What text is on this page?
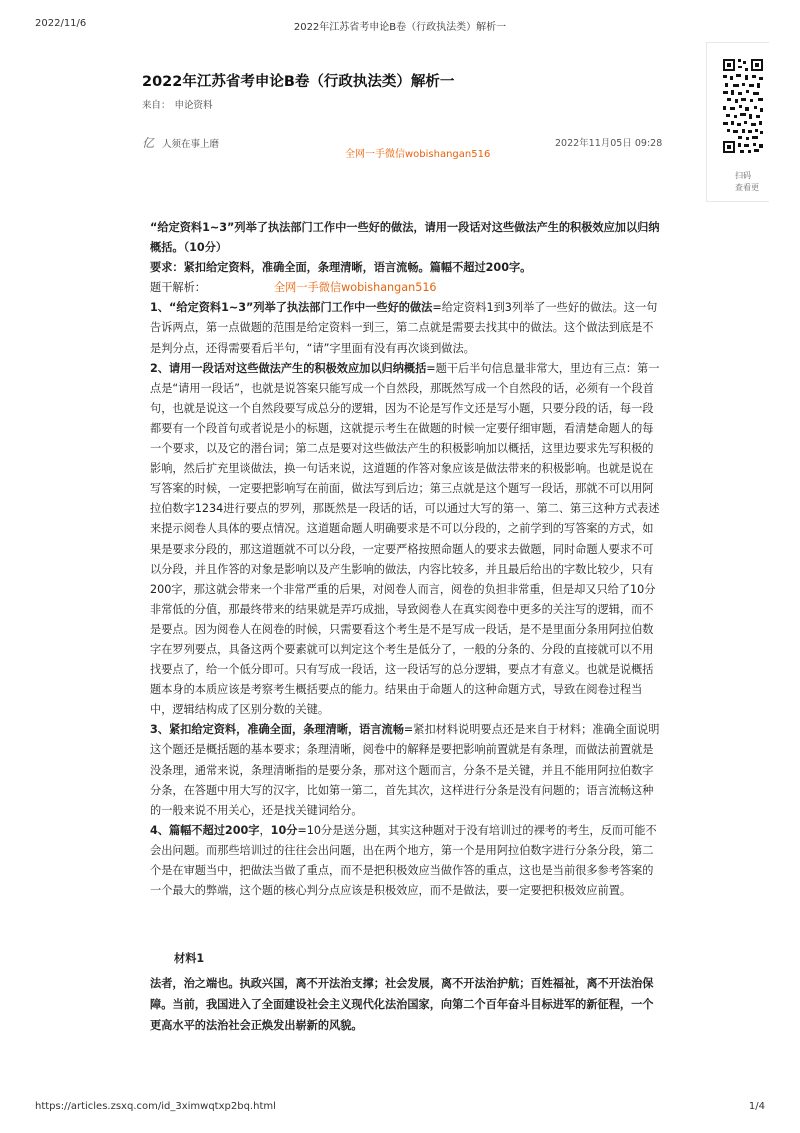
2022/11/6	2022年江苏省考申论B卷（行政执法类）解析一
扫码
查看更
2022年江苏省考申论B卷（行政执法类）解析一
来自： 申论资料
亿 人须在事上磨	2022年11月05日 09:28
全网一手微信wobishangan516

“给定资料1~3”列举了执法部门工作中一些好的做法，请用一段话对这些做法产生的积极效应加以归纳概括。（10分）

要求：紧扣给定资料，准确全面，条理清晰，语言流畅。篇幅不超过200字。

题干解析：	全网一手微信wobishangan516

1、“给定资料1~3”列举了执法部门工作中一些好的做法=给定资料1到3列举了一些好的做法。这一句告诉两点，第一点做题的范围是给定资料一到三，第二点就是需要去找其中的做法。这个做法到底是不是判分点，还得需要看后半句，“请”字里面有没有再次谈到做法。

2、请用一段话对这些做法产生的积极效应加以归纳概括=题干后半句信息量非常大，里边有三点：第一点是“请用一段话”，也就是说答案只能写成一个自然段，那既然写成一个自然段的话，必须有一个段首句，也就是说这一个自然段要写成总分的逻辑，因为不论是写作文还是写小题，只要分段的话，每一段都要有一个段首句或者说是小的标题，这就提示考生在做题的时候一定要仔细审题，看清楚命题人的每一个要求，以及它的潜台词；第二点是要对这些做法产生的积极影响加以概括，这里边要求先写积极的影响，然后扩充里谈做法，换一句话来说，这道题的作答对象应该是做法带来的积极影响。也就是说在写答案的时候，一定要把影响写在前面，做法写到后边；第三点就是这个题写一段话，那就不可以用阿拉伯数字1234进行要点的罗列，那既然是一段话的话，可以通过大写的第一、第二、第三这种方式表述来提示阅卷人具体的要点情况。这道题命题人明确要求是不可以分段的，之前学到的写答案的方式，如果是要求分段的，那这道题就不可以分段，一定要严格按照命题人的要求去做题，同时命题人要求不可以分段，并且作答的对象是影响以及产生影响的做法，内容比较多，并且最后给出的字数比较少，只有200字，那这就会带来一个非常严重的后果，对阅卷人而言，阅卷的负担非常重，但是却又只给了10分非常低的分值，那最终带来的结果就是弄巧成拙，导致阅卷人在真实阅卷中更多的关注写的逻辑，而不是要点。因为阅卷人在阅卷的时候，只需要看这个考生是不是写成一段话，是不是里面分条用阿拉伯数字在罗列要点，具备这两个要素就可以判定这个考生是低分了，一般的分条的、分段的直接就可以不用找要点了，给一个低分即可。只有写成一段话，这一段话写的总分逻辑，要点才有意义。也就是说概括题本身的本质应该是考察考生概括要点的能力。结果由于命题人的这种命题方式，导致在阅卷过程当中，逻辑结构成了区别分数的关键。

3、紧扣给定资料，准确全面，条理清晰，语言流畅=紧扣材料说明要点还是来自于材料；准确全面说明这个题还是概括题的基本要求；条理清晰，阅卷中的解释是要把影响前置就是有条理，而做法前置就是没条理，通常来说，条理清晰指的是要分条，那对这个题而言，分条不是关键，并且不能用阿拉伯数字分条，在答题中用大写的汉字，比如第一第二，首先其次，这样进行分条是没有问题的；语言流畅这种的一般来说不用关心，还是找关键词给分。

4、篇幅不超过200字，10分=10分是送分题，其实这种题对于没有培训过的裸考的考生，反而可能不会出问题。而那些培训过的往往会出问题，出在两个地方，第一个是用阿拉伯数字进行分条分段，第二个是在审题当中，把做法当做了重点，而不是把积极效应当做作答的重点，这也是当前很多参考答案的一个最大的弊端，这个题的核心判分点应该是积极效应，而不是做法，要一定要把积极效应前置。

材料1

法者，治之端也。执政兴国，离不开法治支撑；社会发展，离不开法治护航；百姓福祉，离不开法治保障。当前，我国进入了全面建设社会主义现代化法治国家，向第二个百年奋斗目标进军的新征程，一个更高水平的法治社会正焕发出崭新的风貌。

https://articles.zsxq.com/id_3ximwqtxp2bq.html	1/4
